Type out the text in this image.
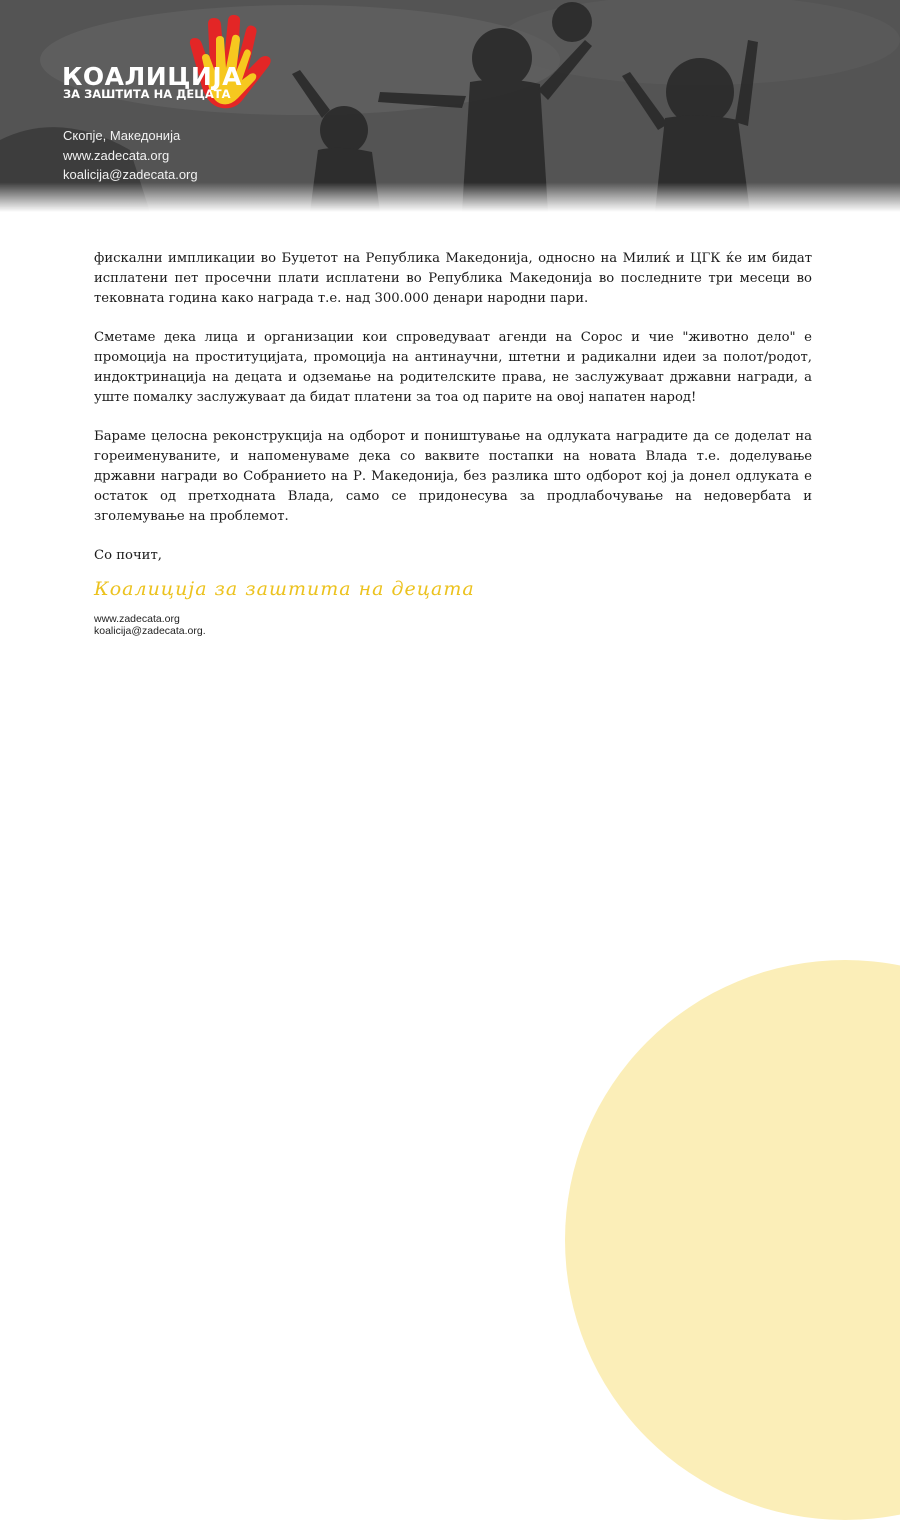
КОАЛИЦИЈА
ЗА ЗАШТИТА НА ДЕЦАТА
Скопје, Македонија
www.zadecata.org
koalicija@zadecata.org

фискални импликации во Буџетот на Република Македонија, односно на Милиќ и ЦГК ќе им бидат исплатени пет просечни плати исплатени во Република Македонија во последните три месеци во тековната година како награда т.е. над 300.000 денари народни пари.

Сметаме дека лица и организации кои спроведуваат агенди на Сорос и чие "животно дело" е промоција на проституцијата, промоција на антинаучни, штетни и радикални идеи за полот/родот, индоктринација на децата и одземање на родителските права, не заслужуваат државни награди, а уште помалку заслужуваат да бидат платени за тоа од парите на овој напатен народ!

Бараме целосна реконструкција на одборот и поништување на одлуката наградите да се доделат на гореименуваните, и напоменуваме дека со ваквите постапки на новата Влада т.е. доделување државни награди во Собранието на Р. Македонија, без разлика што одборот кој ја донел одлуката е остаток од претходната Влада, само се придонесува за продлабочување на недовербата и зголемување на проблемот.

Со почит,

Коалиција за заштита на децата
www.zadecata.org
koalicija@zadecata.org.
